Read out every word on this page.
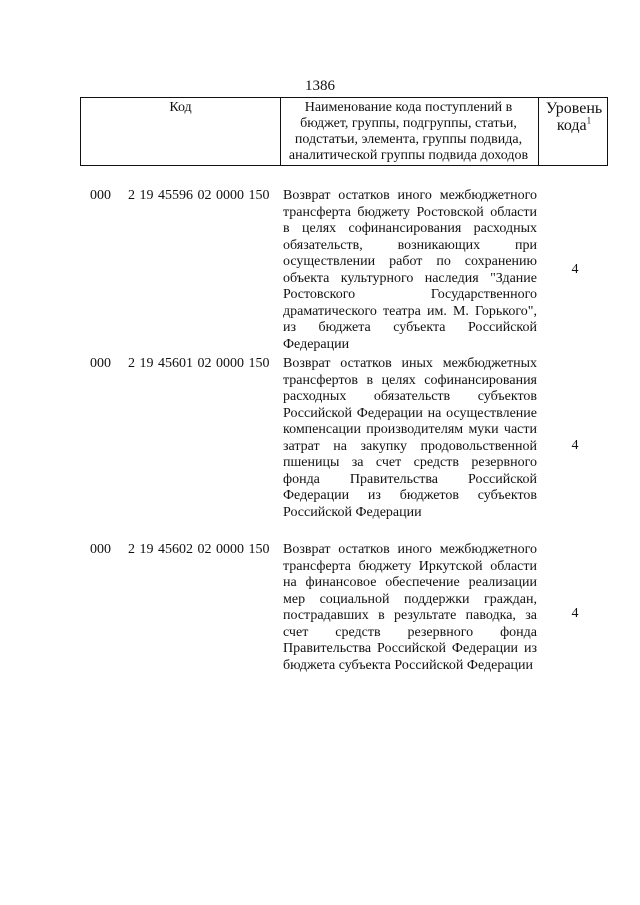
1386
Код	Наименование кода поступлений в бюджет, группы, подгруппы, статьи, подстатьи, элемента, группы подвида, аналитической группы подвида доходов
Уровень кода$^1$
000 2 19 45596 02 0000 150 Возврат остатков иного межбюджетного трансферта бюджету Ростовской области в целях софинансирования расходных обязательств, возникающих при осуществлении работ по сохранению объекта культурного наследия "Здание Ростовского Государственного драматического театра им. М. Горького", из бюджета субъекта Российской Федерации
4
000 2 19 45601 02 0000 150 Возврат остатков иных межбюджетных трансфертов в целях софинансирования расходных обязательств субъектов Российской Федерации на осуществление компенсации производителям муки части затрат на закупку продовольственной пшеницы за счет средств резервного фонда Правительства Российской Федерации из бюджетов субъектов Российской Федерации
4
000 2 19 45602 02 0000 150 Возврат остатков иного межбюджетного трансферта бюджету Иркутской области на финансовое обеспечение реализации мер социальной поддержки граждан, пострадавших в результате паводка, за счет средств резервного фонда Правительства Российской Федерации из бюджета субъекта Российской Федерации
4
